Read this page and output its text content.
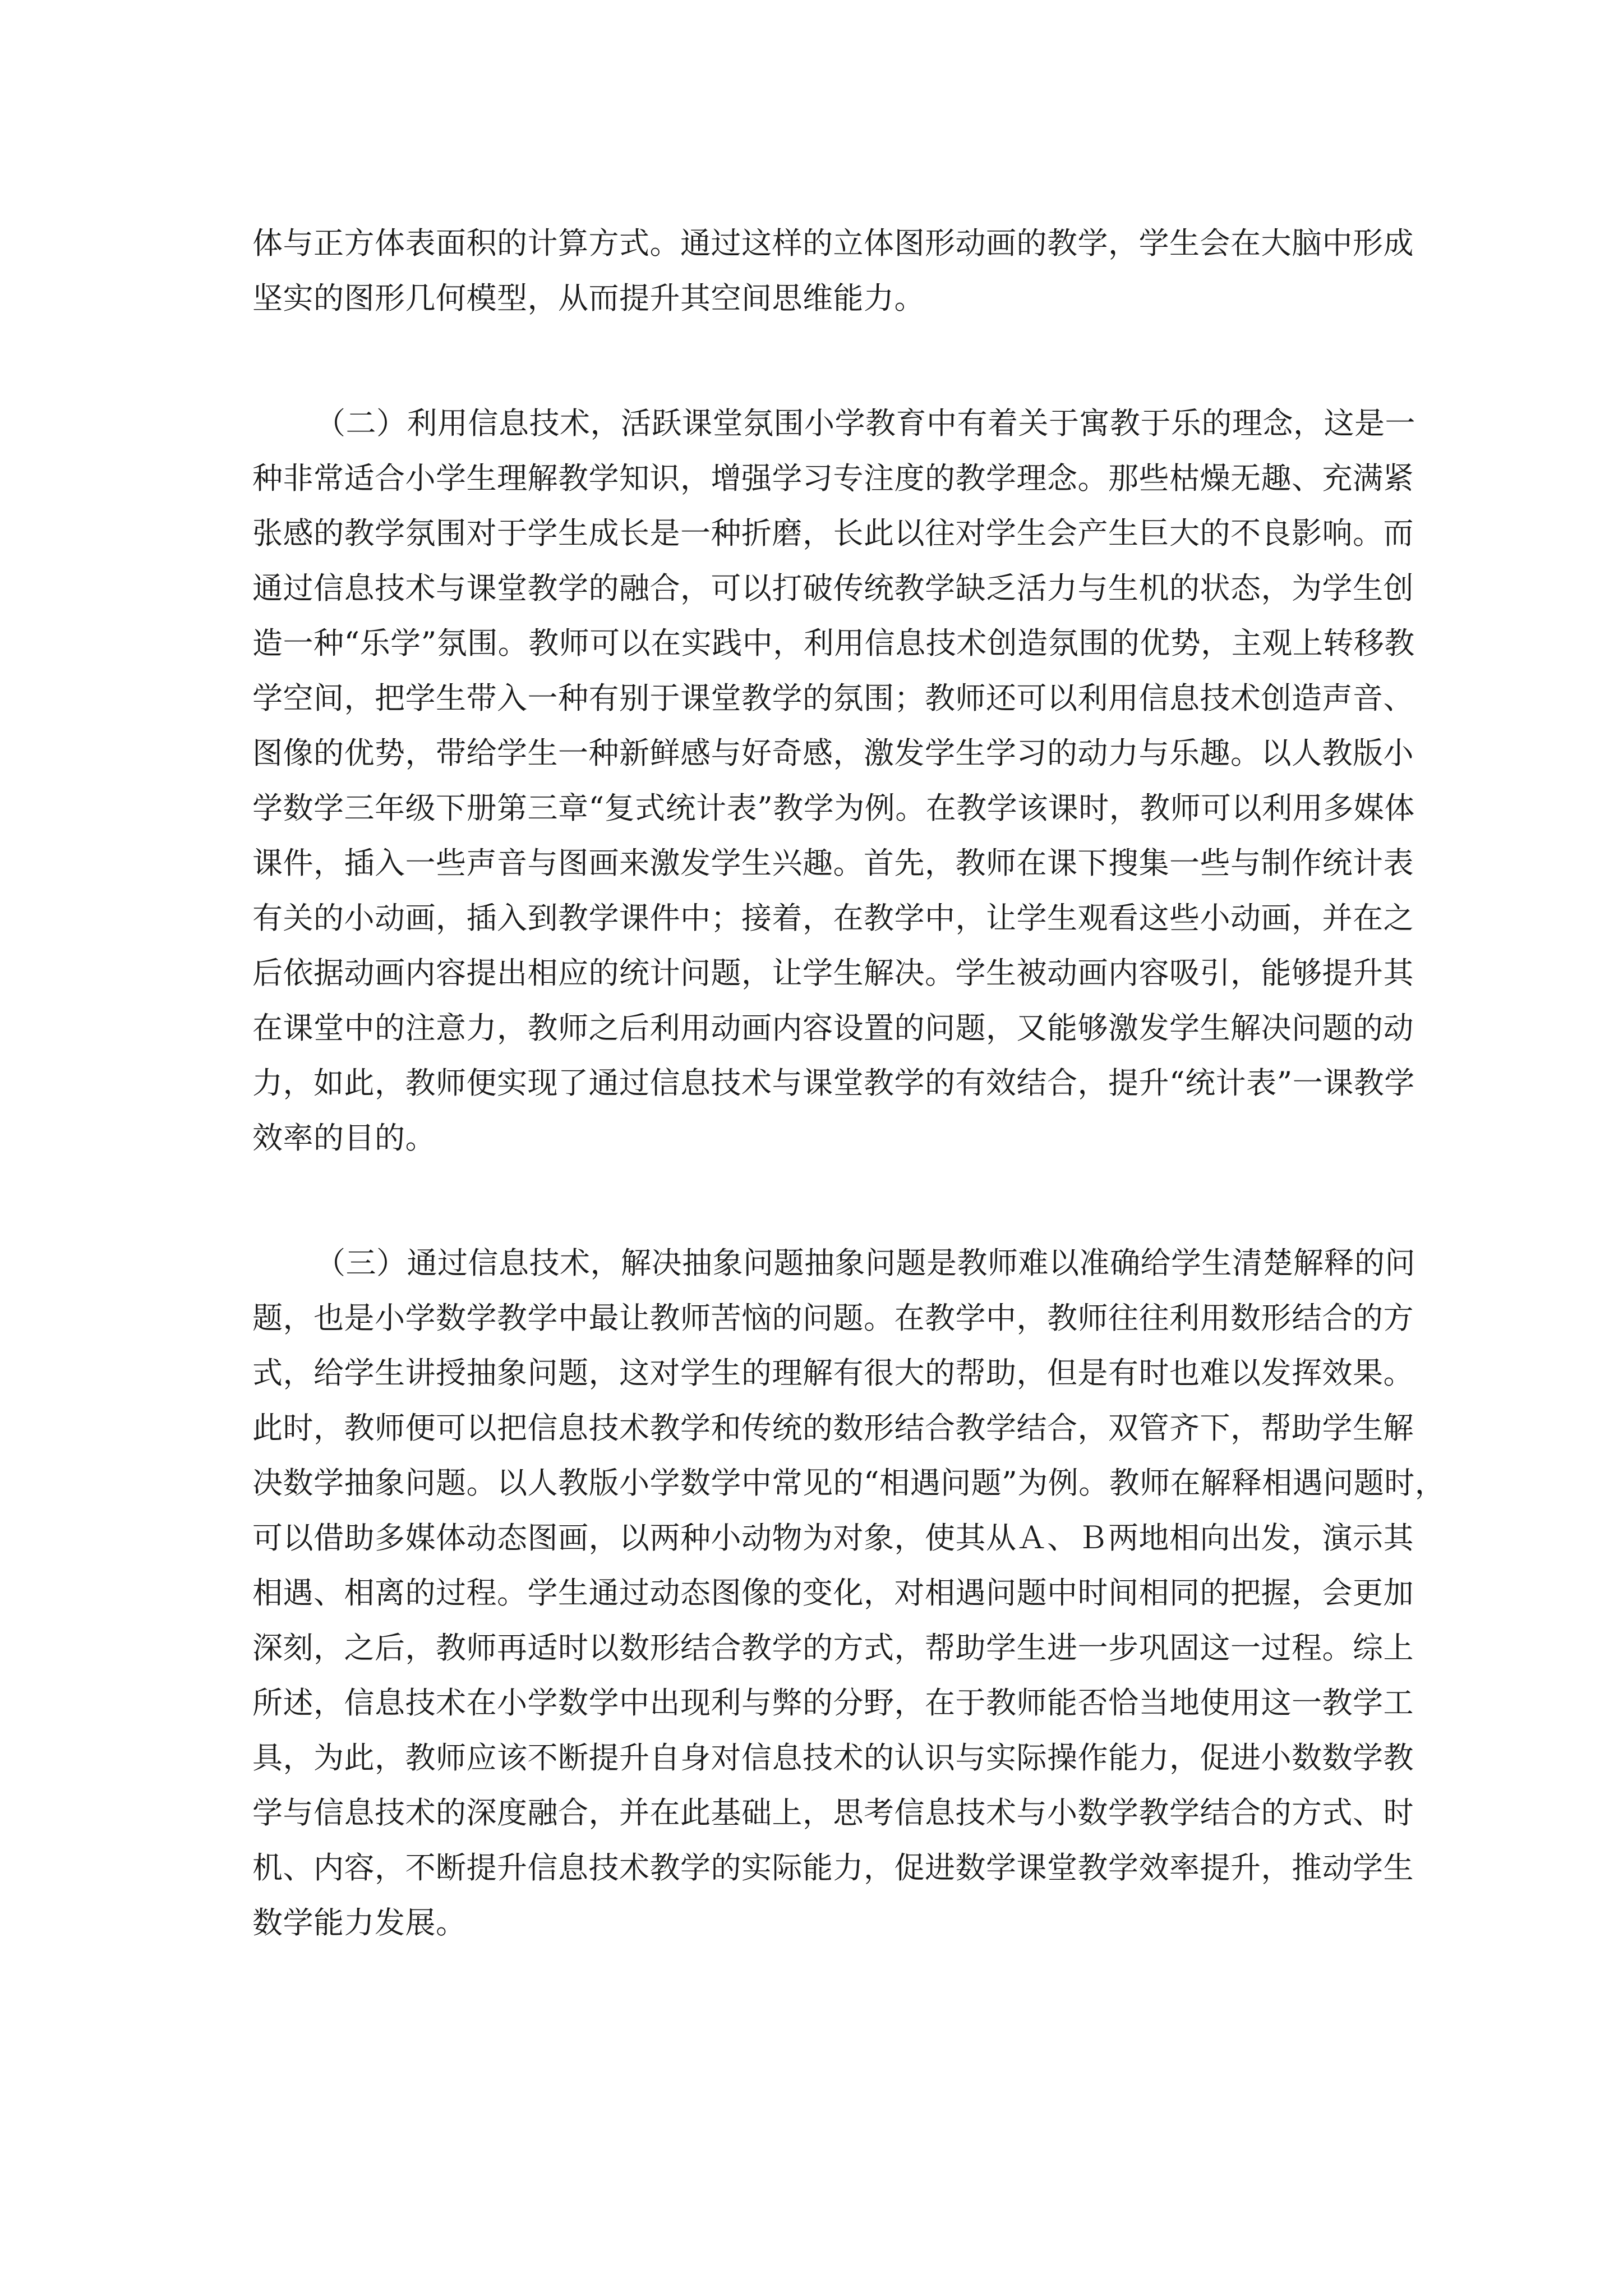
体与正方体表面积的计算方式。通过这样的立体图形动画的教学，学生会在大脑中形成
坚实的图形几何模型，从而提升其空间思维能力。
（二）利用信息技术，活跃课堂氛围小学教育中有着关于寓教于乐的理念，这是一
种非常适合小学生理解教学知识，增强学习专注度的教学理念。那些枯燥无趣、充满紧
张感的教学氛围对于学生成长是一种折磨，长此以往对学生会产生巨大的不良影响。而
通过信息技术与课堂教学的融合，可以打破传统教学缺乏活力与生机的状态，为学生创
造一种“乐学”氛围。教师可以在实践中，利用信息技术创造氛围的优势，主观上转移教
学空间，把学生带入一种有别于课堂教学的氛围；教师还可以利用信息技术创造声音、
图像的优势，带给学生一种新鲜感与好奇感，激发学生学习的动力与乐趣。以人教版小
学数学三年级下册第三章“复式统计表”教学为例。在教学该课时，教师可以利用多媒体
课件，插入一些声音与图画来激发学生兴趣。首先，教师在课下搜集一些与制作统计表
有关的小动画，插入到教学课件中；接着，在教学中，让学生观看这些小动画，并在之
后依据动画内容提出相应的统计问题，让学生解决。学生被动画内容吸引，能够提升其
在课堂中的注意力，教师之后利用动画内容设置的问题，又能够激发学生解决问题的动
力，如此，教师便实现了通过信息技术与课堂教学的有效结合，提升“统计表”一课教学
效率的目的。
（三）通过信息技术，解决抽象问题抽象问题是教师难以准确给学生清楚解释的问
题，也是小学数学教学中最让教师苦恼的问题。在教学中，教师往往利用数形结合的方
式，给学生讲授抽象问题，这对学生的理解有很大的帮助，但是有时也难以发挥效果。
此时，教师便可以把信息技术教学和传统的数形结合教学结合，双管齐下，帮助学生解
决数学抽象问题。以人教版小学数学中常见的“相遇问题”为例。教师在解释相遇问题时，
可以借助多媒体动态图画，以两种小动物为对象，使其从Ａ、Ｂ两地相向出发，演示其
相遇、相离的过程。学生通过动态图像的变化，对相遇问题中时间相同的把握，会更加
深刻，之后，教师再适时以数形结合教学的方式，帮助学生进一步巩固这一过程。综上
所述，信息技术在小学数学中出现利与弊的分野，在于教师能否恰当地使用这一教学工
具，为此，教师应该不断提升自身对信息技术的认识与实际操作能力，促进小数数学教
学与信息技术的深度融合，并在此基础上，思考信息技术与小数学教学结合的方式、时
机、内容，不断提升信息技术教学的实际能力，促进数学课堂教学效率提升，推动学生
数学能力发展。
